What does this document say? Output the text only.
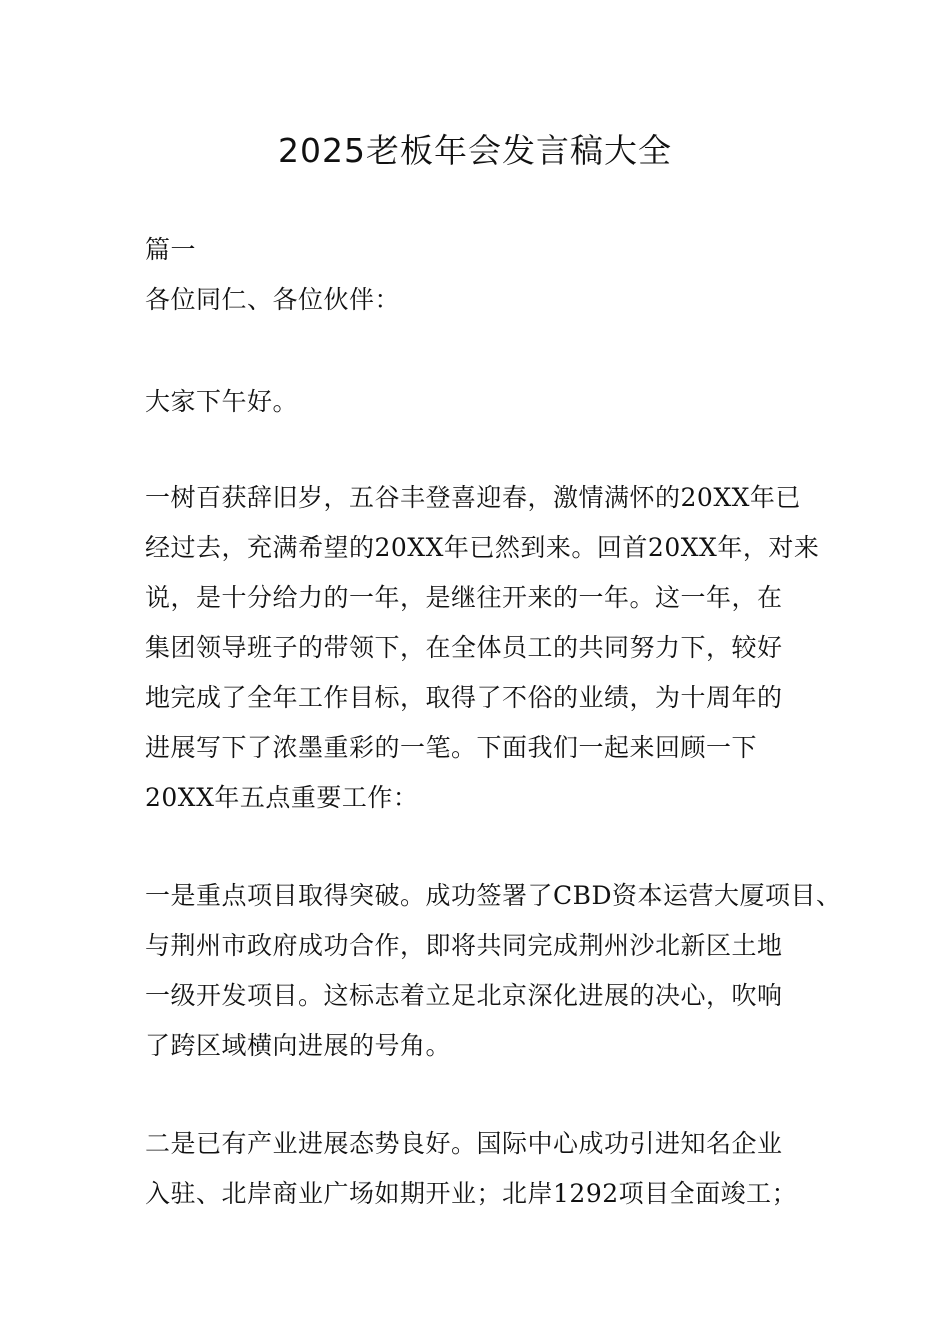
2025老板年会发言稿大全
篇一
各位同仁、各位伙伴：
大家下午好。
一树百获辞旧岁，五谷丰登喜迎春，激情满怀的20XX年已
经过去，充满希望的20XX年已然到来。回首20XX年，对来
说，是十分给力的一年，是继往开来的一年。这一年，在
集团领导班子的带领下，在全体员工的共同努力下，较好
地完成了全年工作目标，取得了不俗的业绩，为十周年的
进展写下了浓墨重彩的一笔。下面我们一起来回顾一下
20XX年五点重要工作：
一是重点项目取得突破。成功签署了CBD资本运营大厦项目、
与荆州市政府成功合作，即将共同完成荆州沙北新区土地
一级开发项目。这标志着立足北京深化进展的决心，吹响
了跨区域横向进展的号角。
二是已有产业进展态势良好。国际中心成功引进知名企业
入驻、北岸商业广场如期开业；北岸1292项目全面竣工；
